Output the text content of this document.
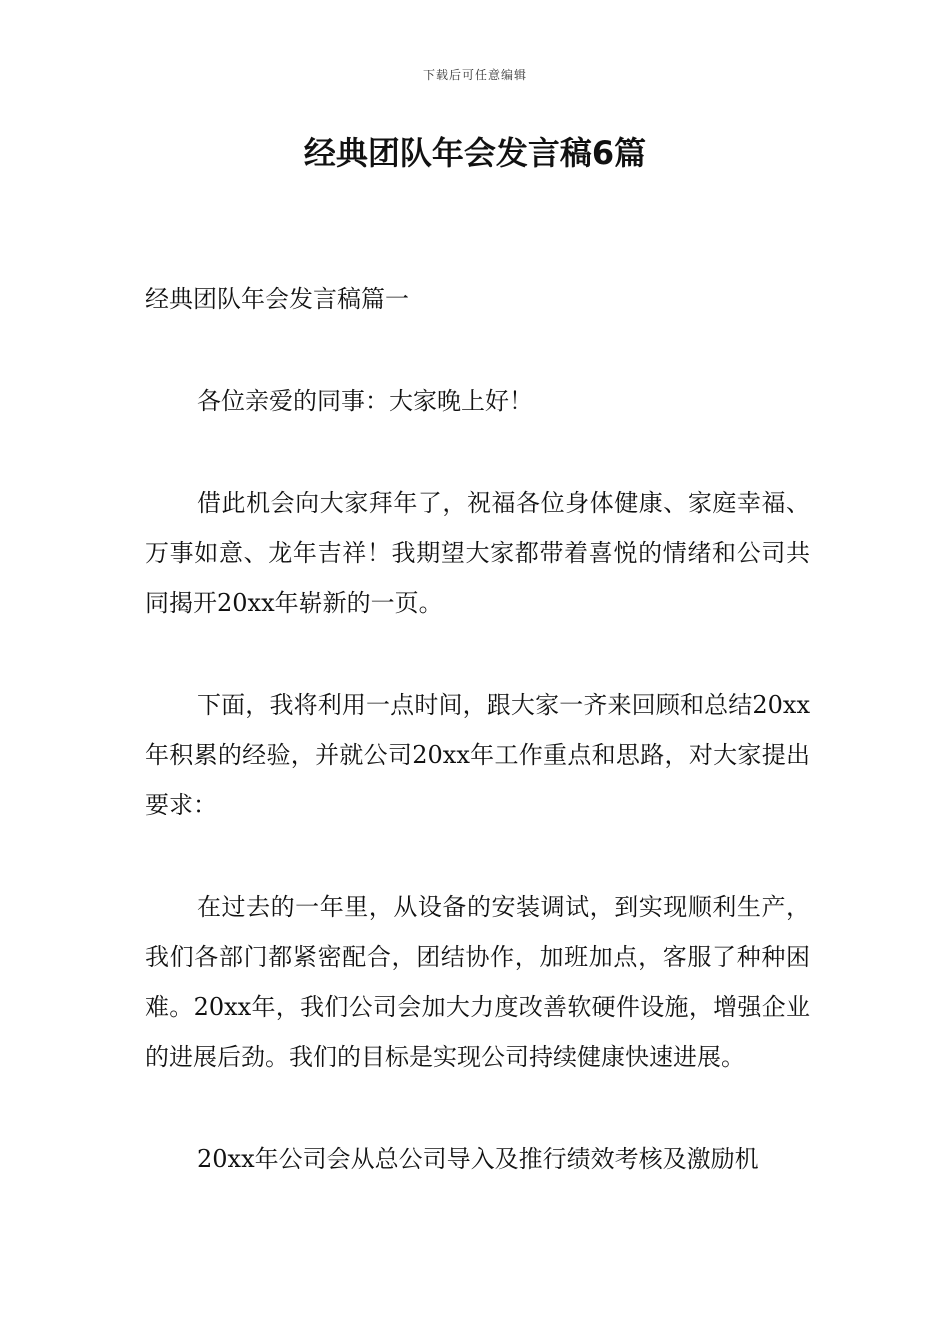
下载后可任意编辑
经典团队年会发言稿6篇
经典团队年会发言稿篇一

各位亲爱的同事：大家晚上好！

借此机会向大家拜年了，祝福各位身体健康、家庭幸福、万事如意、龙年吉祥！我期望大家都带着喜悦的情绪和公司共同揭开20xx年崭新的一页。

下面，我将利用一点时间，跟大家一齐来回顾和总结20xx年积累的经验，并就公司20xx年工作重点和思路，对大家提出要求：

在过去的一年里，从设备的安装调试，到实现顺利生产，我们各部门都紧密配合，团结协作，加班加点，客服了种种困难。20xx年，我们公司会加大力度改善软硬件设施，增强企业的进展后劲。我们的目标是实现公司持续健康快速进展。

20xx年公司会从总公司导入及推行绩效考核及激励机
